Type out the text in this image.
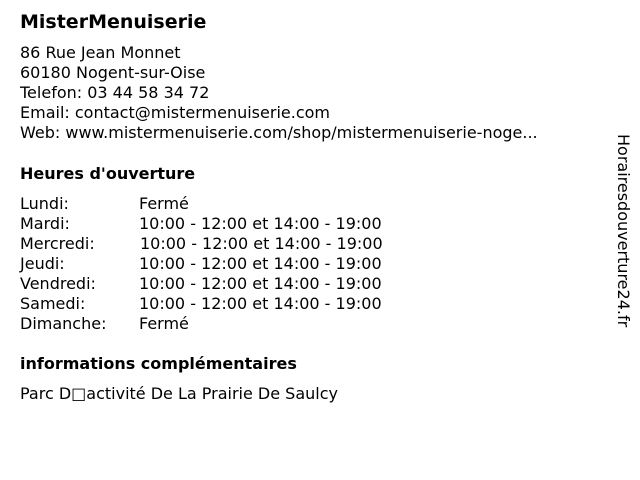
MisterMenuiserie
86 Rue Jean Monnet
60180 Nogent-sur-Oise
Telefon: 03 44 58 34 72
Email: contact@mistermenuiserie.com
Web: www.mistermenuiserie.com/shop/mistermenuiserie-noge...
Heures d'ouverture
Lundi:	Fermé
Mardi:	10:00 - 12:00 et 14:00 - 19:00
Mercredi:	10:00 - 12:00 et 14:00 - 19:00
Jeudi:	10:00 - 12:00 et 14:00 - 19:00
Vendredi:	10:00 - 12:00 et 14:00 - 19:00
Samedi:	10:00 - 12:00 et 14:00 - 19:00
Dimanche: Fermé
informations complémentaires
Parc D□activité De La Prairie De Saulcy
Horairesdouverture24.fr
